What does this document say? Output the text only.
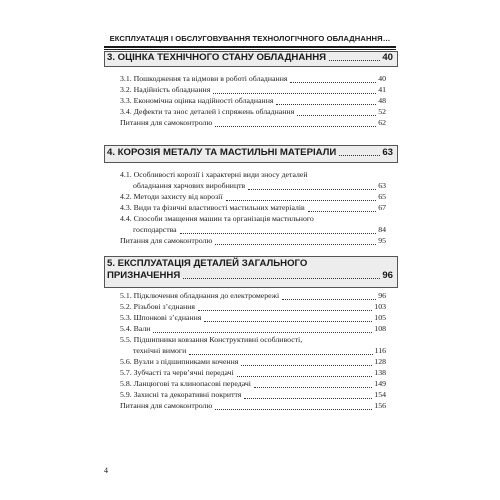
ЕКСПЛУАТАЦІЯ І ОБСЛУГОВУВАННЯ ТЕХНОЛОГІЧНОГО ОБЛАДНАННЯ…
3. ОЦІНКА ТЕХНІЧНОГО СТАНУ ОБЛАДНАННЯ	40
3.1. Пошкодження та відмови в роботі обладнання	40
3.2. Надійність обладнання	41
3.3. Економічна оцінка надійності обладнання	48
3.4. Дефекти та знос деталей і спряжень обладнання	52
Питання для самоконтролю	62
4. КОРОЗІЯ МЕТАЛУ ТА МАСТИЛЬНІ МАТЕРІАЛИ	63
4.1. Особливості корозії і характерні види зносу деталей
обладнання харчових виробництв	63
4.2. Методи захисту від корозії	65
4.3. Види та фізичні властивості мастильних матеріалів	67
4.4. Способи змащення машин та організація мастильного
господарства	84
Питання для самоконтролю	95
5. ЕКСПЛУАТАЦІЯ ДЕТАЛЕЙ ЗАГАЛЬНОГО
ПРИЗНАЧЕННЯ	96
5.1. Підключення обладнання до електромережі	96
5.2. Різьбові з’єднання	103
5.3. Шпонкові з’єднання	105
5.4. Вали	108
5.5. Підшипники ковзання Конструктивні особливості,
технічні вимоги	116
5.6. Вузли з підшипниками кочення	128
5.7. Зубчасті та черв’ячні передачі	138
5.8. Ланцюгові та клинопасові передачі	149
5.9. Захисні та декоративні покриття	154
Питання для самоконтролю	156
4
